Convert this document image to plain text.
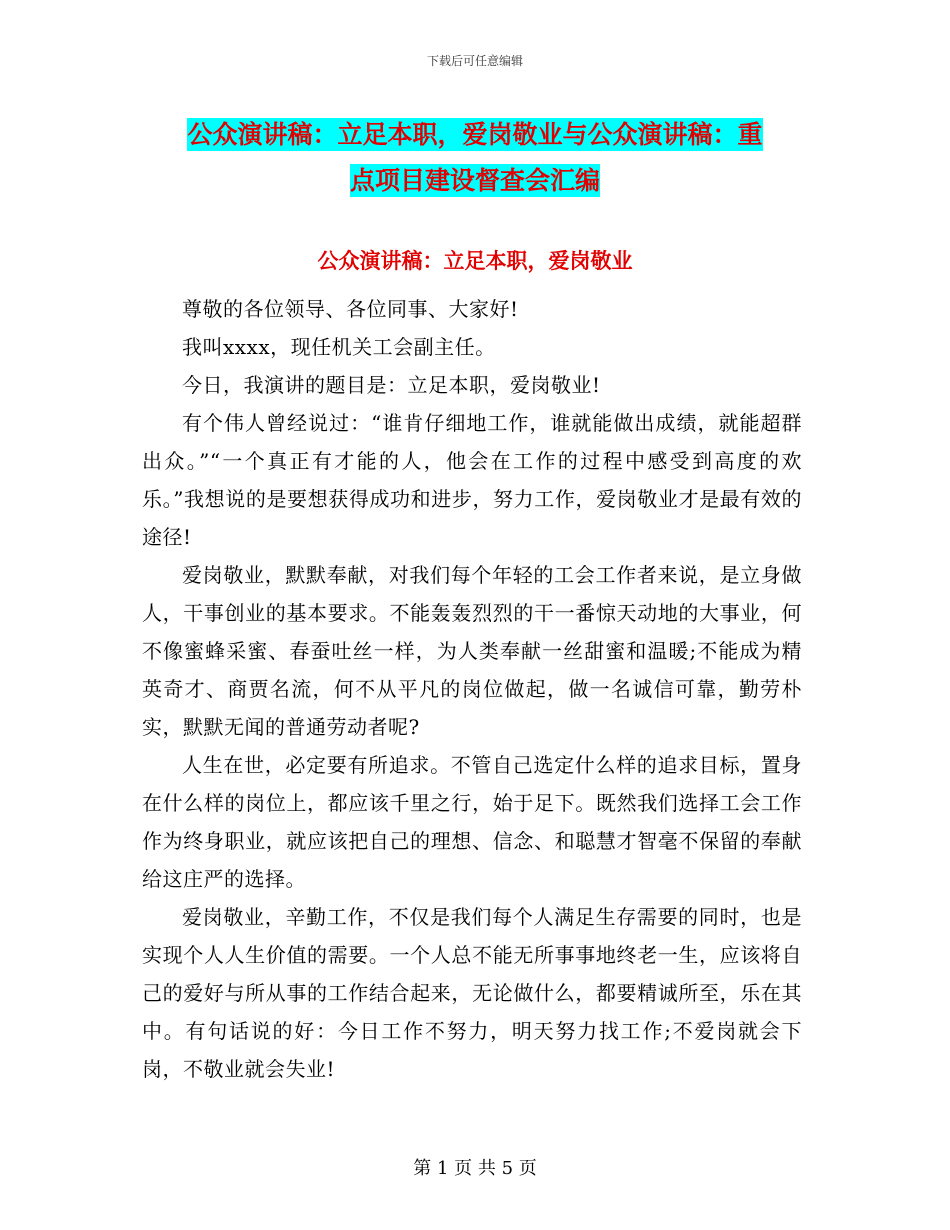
下载后可任意编辑
公众演讲稿：立足本职，爱岗敬业与公众演讲稿：重
点项目建设督查会汇编
公众演讲稿：立足本职，爱岗敬业

尊敬的各位领导、各位同事、大家好!

我叫xxxx，现任机关工会副主任。

今日，我演讲的题目是：立足本职，爱岗敬业!

有个伟人曾经说过：“谁肯仔细地工作，谁就能做出成绩，就能超群出众。”“一个真正有才能的人，他会在工作的过程中感受到高度的欢乐。”我想说的是要想获得成功和进步，努力工作，爱岗敬业才是最有效的途径!

爱岗敬业，默默奉献，对我们每个年轻的工会工作者来说，是立身做人，干事创业的基本要求。不能轰轰烈烈的干一番惊天动地的大事业，何不像蜜蜂采蜜、春蚕吐丝一样，为人类奉献一丝甜蜜和温暖;不能成为精英奇才、商贾名流，何不从平凡的岗位做起，做一名诚信可靠，勤劳朴实，默默无闻的普通劳动者呢?

人生在世，必定要有所追求。不管自己选定什么样的追求目标，置身在什么样的岗位上，都应该千里之行，始于足下。既然我们选择工会工作作为终身职业，就应该把自己的理想、信念、和聪慧才智毫不保留的奉献给这庄严的选择。

爱岗敬业，辛勤工作，不仅是我们每个人满足生存需要的同时，也是实现个人人生价值的需要。一个人总不能无所事事地终老一生，应该将自己的爱好与所从事的工作结合起来，无论做什么，都要精诚所至，乐在其中。有句话说的好：今日工作不努力，明天努力找工作;不爱岗就会下岗，不敬业就会失业!

第 1 页 共 5 页
